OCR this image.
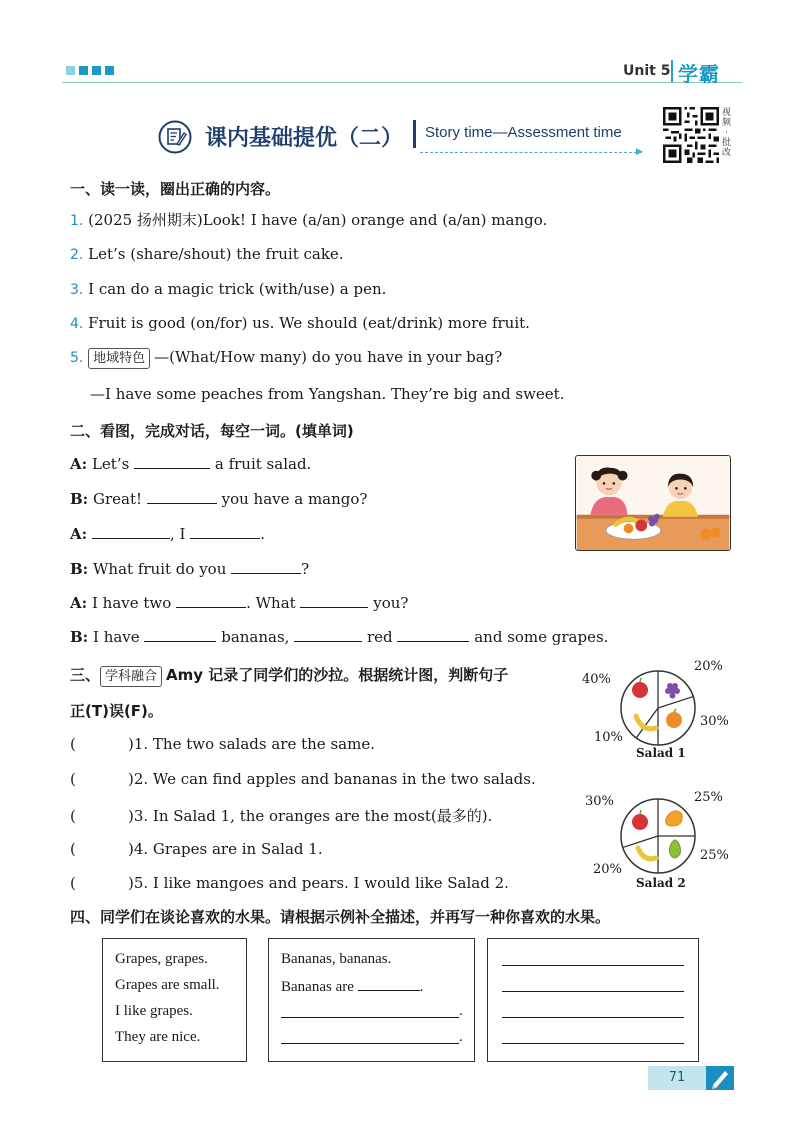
Unit 5 学霸
课内基础提优（二） Story time—Assessment time
▶
视频·批改
一、读一读，圈出正确的内容。
1. (2025 扬州期末)Look! I have (a/an) orange and (a/an) mango.
2. Let’s (share/shout) the fruit cake.
3. I can do a magic trick (with/use) a pen.
4. Fruit is good (on/for) us. We should (eat/drink) more fruit.
5. 地域特色 —(What/How many) do you have in your bag?
—I have some peaches from Yangshan. They’re big and sweet.
二、看图，完成对话，每空一词。(填单词)
A: Let’s	a fruit salad.
B: Great!	you have a mango?
A:	, I	.
B: What fruit do you	?
A: I have two	. What	you?
B: I have	bananas,	red	and some grapes.
三、 学科融合 Amy 记录了同学们的沙拉。根据统计图，判断句子
正(T)误(F)。
(	)1. The two salads are the same.
(	)2. We can find apples and bananas in the two salads.
(	)3. In Salad 1, the oranges are the most(最多的).
(	)4. Grapes are in Salad 1.
(	)5. I like mangoes and pears. I would like Salad 2.
40%
20%
30%
10%
Salad 1
30%	25%
25%
20%
Salad 2
四、同学们在谈论喜欢的水果。请根据示例补全描述，并再写一种你喜欢的水果。
Grapes, grapes.
Grapes are small.
I like grapes.
They are nice.
Bananas, bananas.
Bananas are	.
.
.
71
